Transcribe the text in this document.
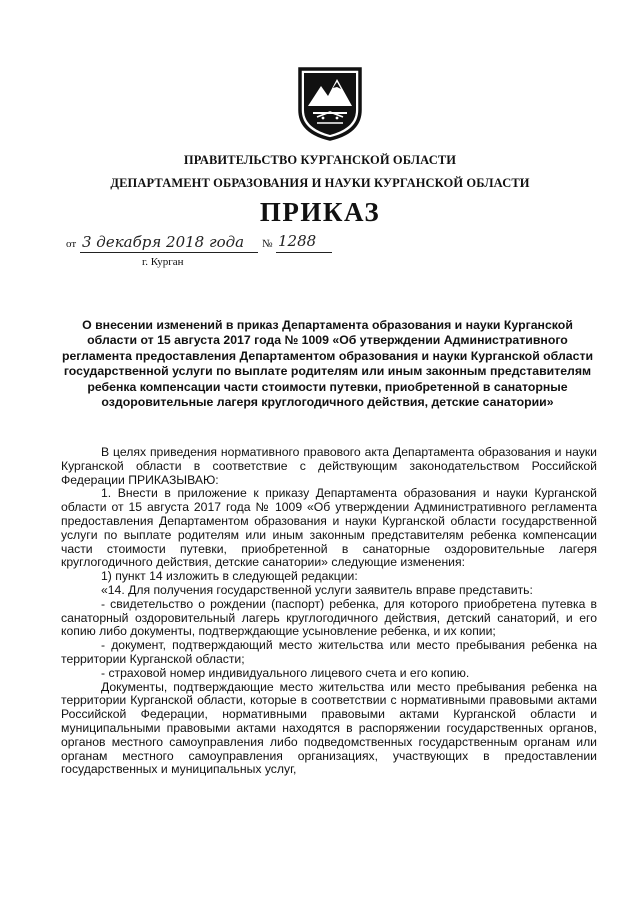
ПРАВИТЕЛЬСТВО КУРГАНСКОЙ ОБЛАСТИ
ДЕПАРТАМЕНТ ОБРАЗОВАНИЯ И НАУКИ КУРГАНСКОЙ ОБЛАСТИ
ПРИКАЗ
от 3 декабря 2018 года № 1288
г. Курган
О внесении изменений в приказ Департамента образования и науки Курганской области от 15 августа 2017 года № 1009 «Об утверждении Административного регламента предоставления Департаментом образования и науки Курганской области государственной услуги по выплате родителям или иным законным представителям ребенка компенсации части стоимости путевки, приобретенной в санаторные оздоровительные лагеря круглогодичного действия, детские санатории»

В целях приведения нормативного правового акта Департамента образования и науки Курганской области в соответствие с действующим законодательством Российской Федерации ПРИКАЗЫВАЮ:

1. Внести в приложение к приказу Департамента образования и науки Курганской области от 15 августа 2017 года № 1009 «Об утверждении Административного регламента предоставления Департаментом образования и науки Курганской области государственной услуги по выплате родителям или иным законным представителям ребенка компенсации части стоимости путевки, приобретенной в санаторные оздоровительные лагеря круглогодичного действия, детские санатории» следующие изменения:

1) пункт 14 изложить в следующей редакции:

«14. Для получения государственной услуги заявитель вправе представить:

- свидетельство о рождении (паспорт) ребенка, для которого приобретена путевка в санаторный оздоровительный лагерь круглогодичного действия, детский санаторий, и его копию либо документы, подтверждающие усыновление ребенка, и их копии;

- документ, подтверждающий место жительства или место пребывания ребенка на территории Курганской области;

- страховой номер индивидуального лицевого счета и его копию.

Документы, подтверждающие место жительства или место пребывания ребенка на территории Курганской области, которые в соответствии с нормативными правовыми актами Российской Федерации, нормативными правовыми актами Курганской области и муниципальными правовыми актами находятся в распоряжении государственных органов, органов местного самоуправления либо подведомственных государственным органам или органам местного самоуправления организациях, участвующих в предоставлении государственных и муниципальных услуг,
